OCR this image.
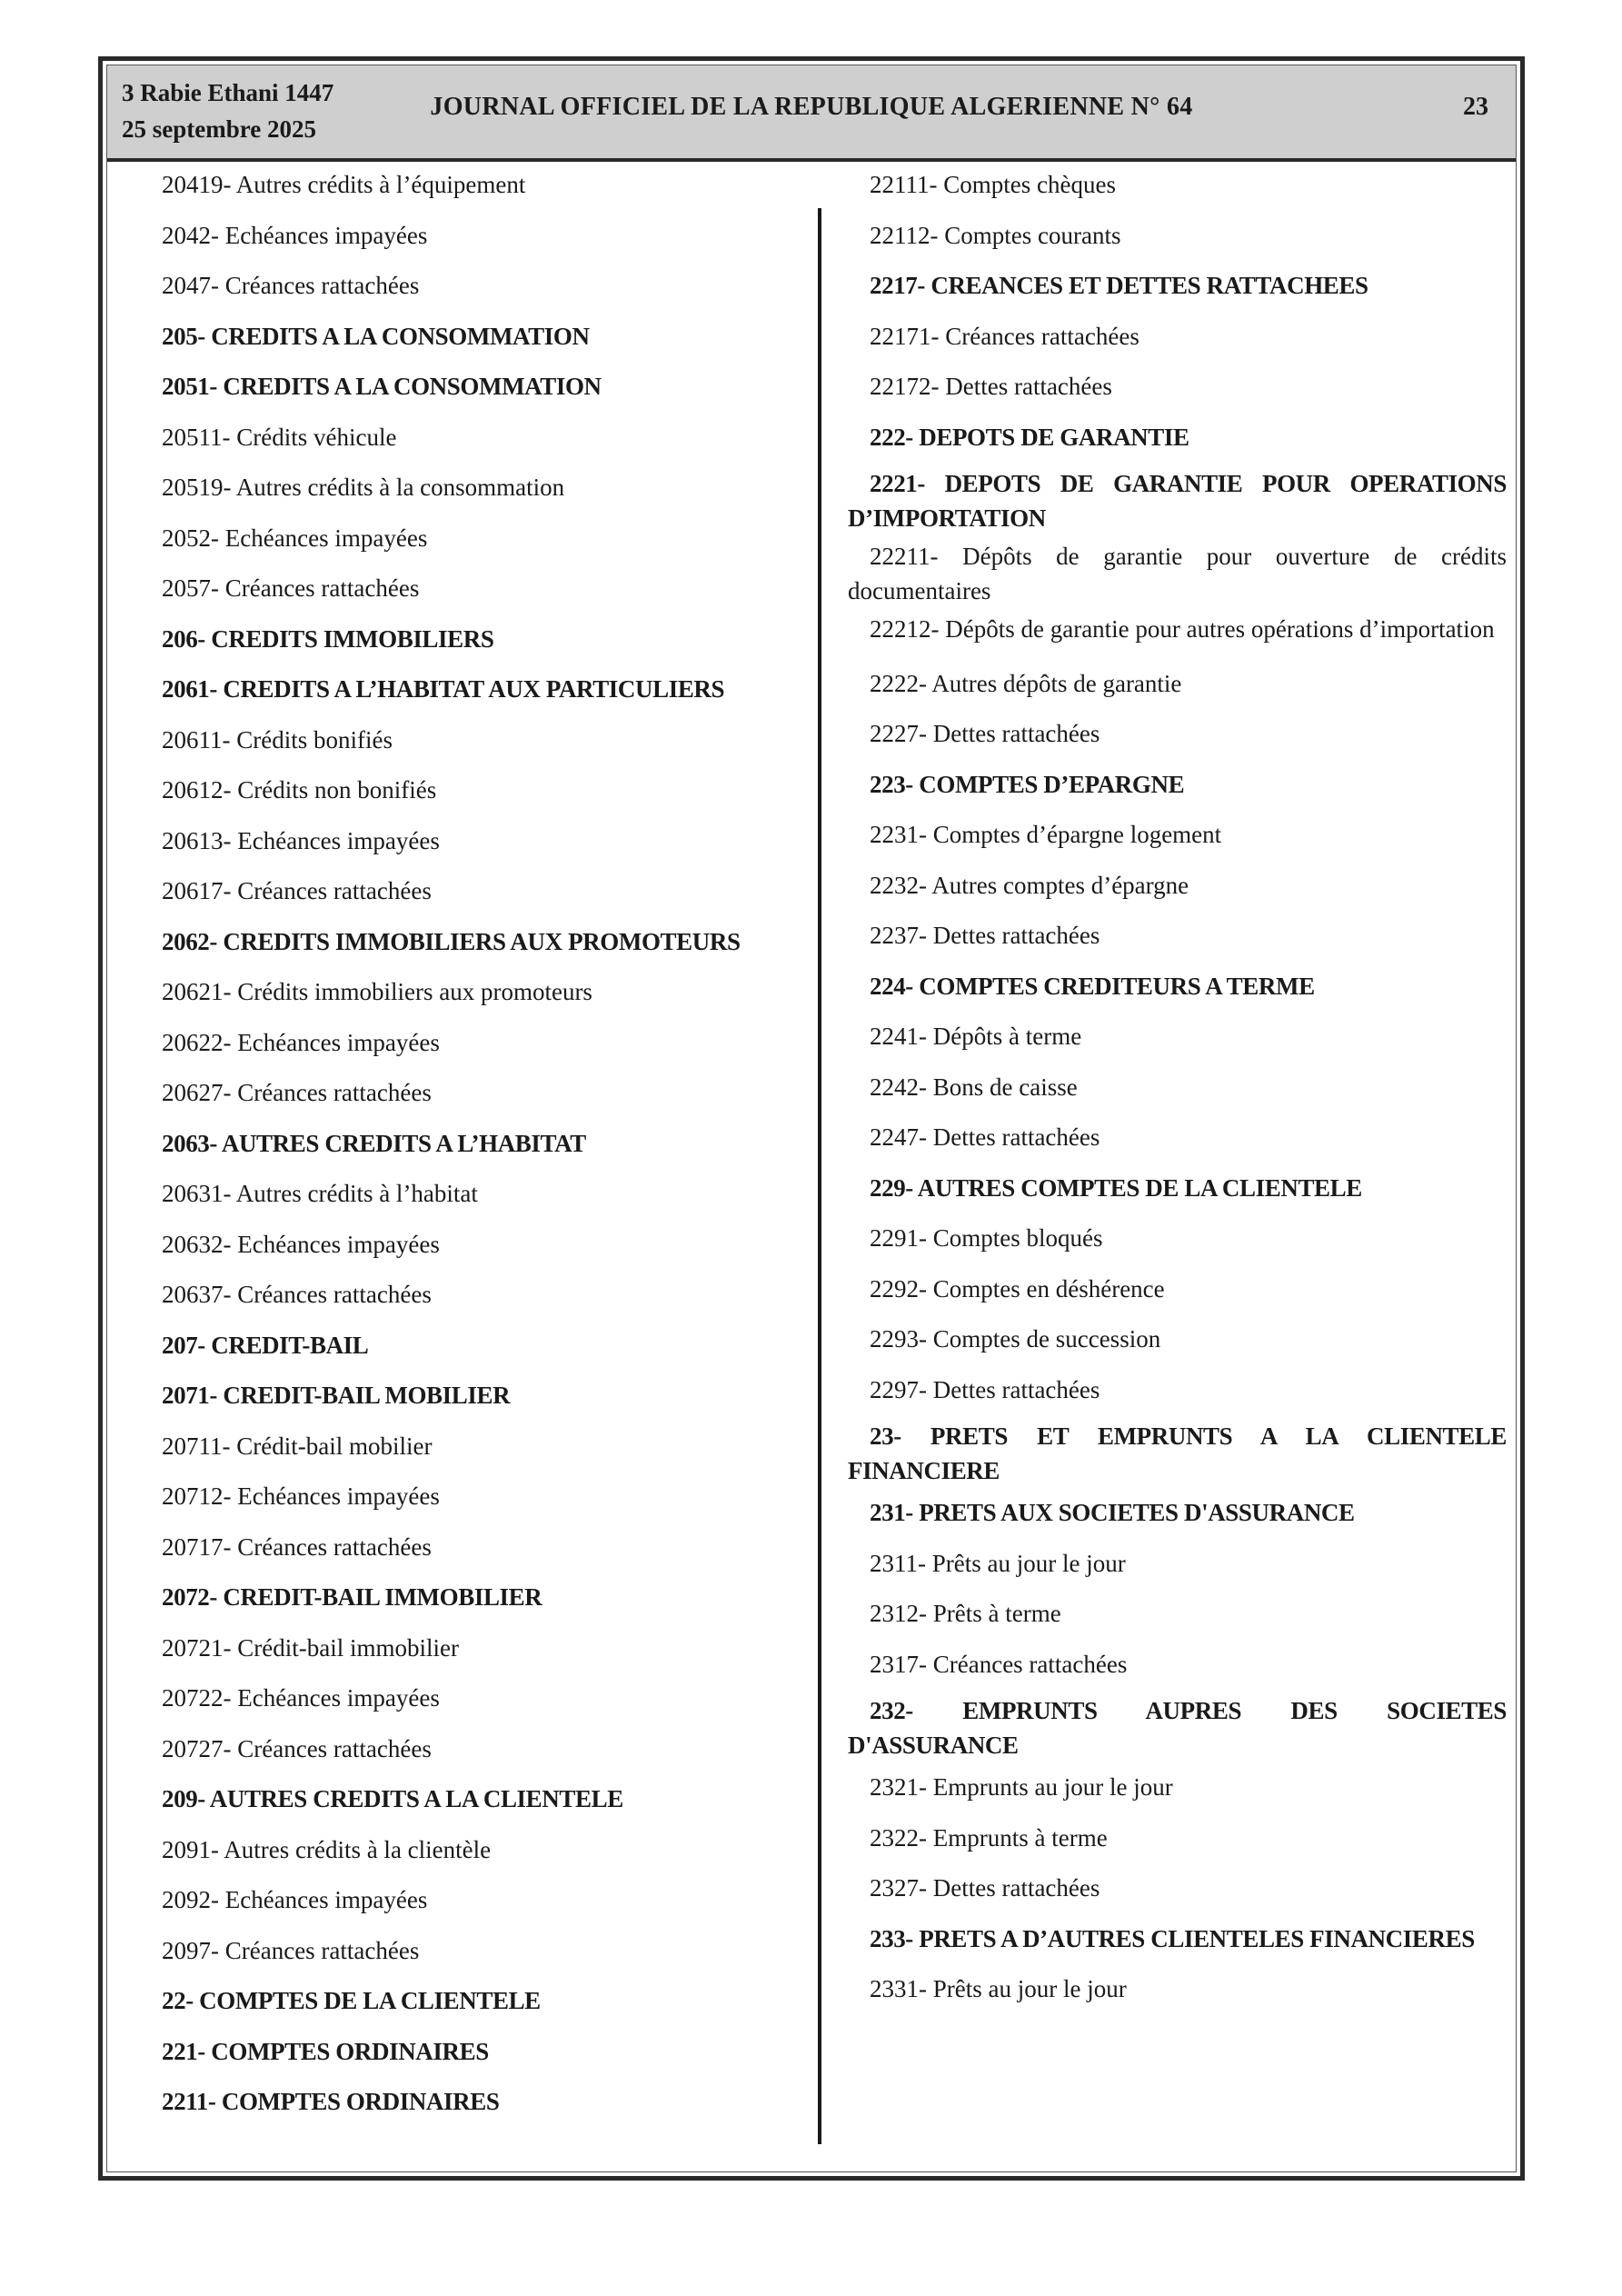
3 Rabie Ethani 1447
25 septembre 2025
JOURNAL OFFICIEL DE LA REPUBLIQUE ALGERIENNE N° 64	23
20419- Autres crédits à l’équipement
2042- Echéances impayées
2047- Créances rattachées
205- CREDITS A LA CONSOMMATION
2051- CREDITS A LA CONSOMMATION
20511- Crédits véhicule
20519- Autres crédits à la consommation
2052- Echéances impayées
2057- Créances rattachées
206- CREDITS IMMOBILIERS
2061- CREDITS A L’HABITAT AUX PARTICULIERS
20611- Crédits bonifiés
20612- Crédits non bonifiés
20613- Echéances impayées
20617- Créances rattachées
2062- CREDITS IMMOBILIERS AUX PROMOTEURS
20621- Crédits immobiliers aux promoteurs
20622- Echéances impayées
20627- Créances rattachées
2063- AUTRES CREDITS A L’HABITAT
20631- Autres crédits à l’habitat
20632- Echéances impayées
20637- Créances rattachées
207- CREDIT-BAIL
2071- CREDIT-BAIL MOBILIER
20711- Crédit-bail mobilier
20712- Echéances impayées
20717- Créances rattachées
2072- CREDIT-BAIL IMMOBILIER
20721- Crédit-bail immobilier
20722- Echéances impayées
20727- Créances rattachées
209- AUTRES CREDITS A LA CLIENTELE
2091- Autres crédits à la clientèle
2092- Echéances impayées
2097- Créances rattachées
22- COMPTES DE LA CLIENTELE
221- COMPTES ORDINAIRES
2211- COMPTES ORDINAIRES
22111- Comptes chèques
22112- Comptes courants
2217- CREANCES ET DETTES RATTACHEES
22171- Créances rattachées
22172- Dettes rattachées
222- DEPOTS DE GARANTIE
2221- DEPOTS DE GARANTIE POUR OPERATIONS D’IMPORTATION
22211- Dépôts de garantie pour ouverture de crédits documentaires
22212- Dépôts de garantie pour autres opérations d’importation
2222- Autres dépôts de garantie
2227- Dettes rattachées
223- COMPTES D’EPARGNE
2231- Comptes d’épargne logement
2232- Autres comptes d’épargne
2237- Dettes rattachées
224- COMPTES CREDITEURS A TERME
2241- Dépôts à terme
2242- Bons de caisse
2247- Dettes rattachées
229- AUTRES COMPTES DE LA CLIENTELE
2291- Comptes bloqués
2292- Comptes en déshérence
2293- Comptes de succession
2297- Dettes rattachées
23- PRETS ET EMPRUNTS A LA CLIENTELE FINANCIERE
231- PRETS AUX SOCIETES D'ASSURANCE
2311- Prêts au jour le jour
2312- Prêts à terme
2317- Créances rattachées
232- EMPRUNTS AUPRES DES SOCIETES D'ASSURANCE
2321- Emprunts au jour le jour
2322- Emprunts à terme
2327- Dettes rattachées
233- PRETS A D’AUTRES CLIENTELES FINANCIERES
2331- Prêts au jour le jour
